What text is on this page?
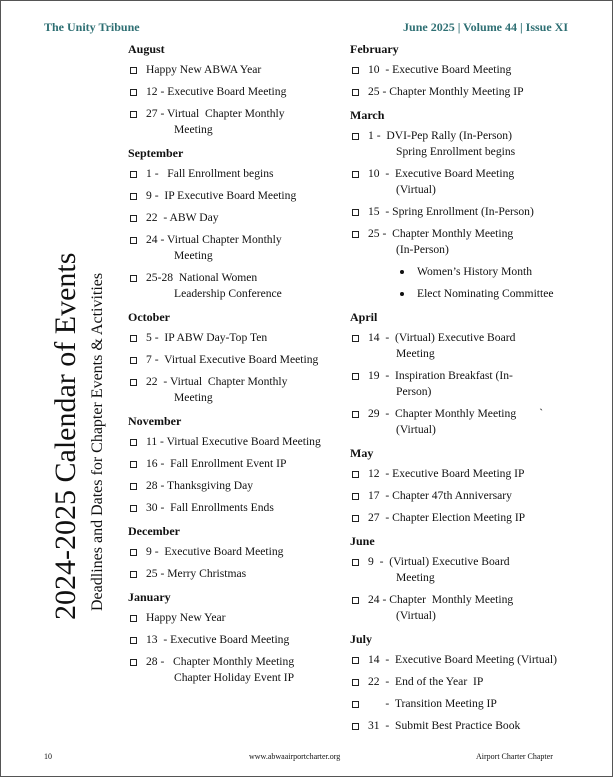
The Unity Tribune	June 2025 | Volume 44 | Issue XI
2024-2025 Calendar of Events Deadlines and Dates for Chapter Events & Activities
August
Happy New ABWA Year
12 - Executive Board Meeting
27 - Virtual  Chapter Monthly
Meeting
September
1 -   Fall Enrollment begins
9 -  IP Executive Board Meeting
22  - ABW Day
24 - Virtual Chapter Monthly
Meeting
25-28  National Women
Leadership Conference
October
5 -  IP ABW Day-Top Ten
7 -  Virtual Executive Board Meeting
22  - Virtual  Chapter Monthly
Meeting
November
11 - Virtual Executive Board Meeting
16 -  Fall Enrollment Event IP
28 - Thanksgiving Day
30 -  Fall Enrollments Ends
December
9 -  Executive Board Meeting
25 - Merry Christmas
January
Happy New Year
13  - Executive Board Meeting
28 -   Chapter Monthly Meeting
Chapter Holiday Event IP
February
10  - Executive Board Meeting
25 - Chapter Monthly Meeting IP
March
1 -  DVI-Pep Rally (In-Person)
Spring Enrollment begins
10  -  Executive Board Meeting
(Virtual)
15  - Spring Enrollment (In-Person)
25 -  Chapter Monthly Meeting
(In-Person)
Women’s History Month
Elect Nominating Committee
April
14  -  (Virtual) Executive Board
Meeting
19  -  Inspiration Breakfast (In-
Person)
29  -  Chapter Monthly Meeting        `
(Virtual)
May
12  - Executive Board Meeting IP
17  - Chapter 47th Anniversary
27  - Chapter Election Meeting IP
June
9  -  (Virtual) Executive Board
Meeting
24 - Chapter  Monthly Meeting
(Virtual)
July
14  -  Executive Board Meeting (Virtual)
22  -  End of the Year  IP
-  Transition Meeting IP
31  -  Submit Best Practice Book
10	www.abwaairportcharter.org	Airport Charter Chapter
